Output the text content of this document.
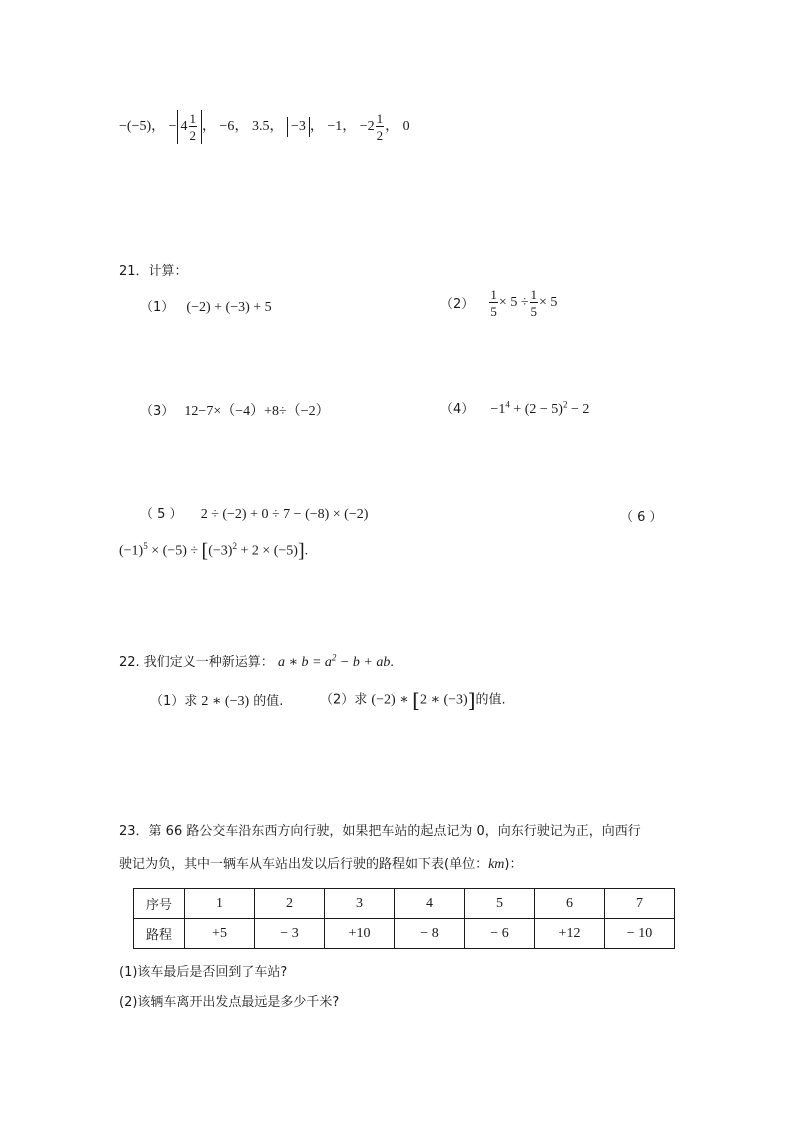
−(−5)， − $4 \frac{1}{2}$ ， −6， 3.5， −3 ， −1， $-2 \frac{1}{2}$ ， 0
21．计算：
（1） (−2) + (−3) + 5	$(2) \frac{1}{5} \times 5 \div \frac{1}{5} \times 5$
（3） 12−7×（−4）+8÷（−2）	$(4) -1^4 + (2 - 5)^2 - 2$
（ 5 ） 2 ÷ (−2) + 0 ÷ 7 − (−8) × (−2)	（ 6 ）
$(-1)^5 \times (-5) \div [(-3)^2 + 2 \times (-5)]$.
22. 我们定义一种新运算： a ∗ $b = a^2 - b$ + ab.
（1）求 2 ∗ (−3) 的值.	（2）求 (−2) ∗ [2 ∗ (−3)]的值.
23．第 66 路公交车沿东西方向行驶，如果把车站的起点记为 0，向东行驶记为正，向西行
驶记为负，其中一辆车从车站出发以后行驶的路程如下表(单位：km)：
序号	1	2	3	4	5	6	7
路程	+5	− 3	+10	− 8	− 6	+12	− 10
(1)该车最后是否回到了车站?
(2)该辆车离开出发点最远是多少千米?
